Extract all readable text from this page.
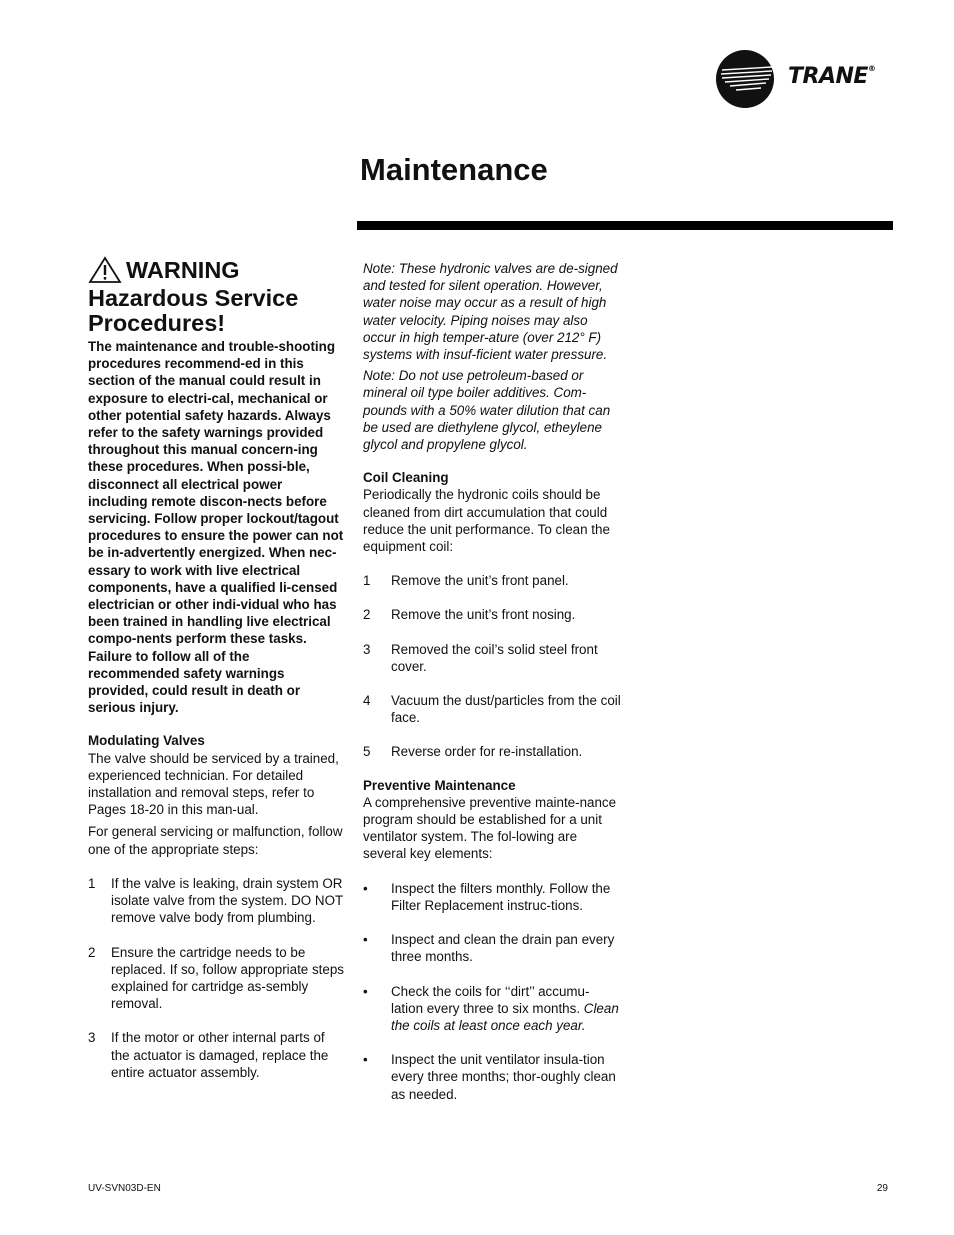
TRANE®
Maintenance
WARNING

Hazardous Service Procedures!

The maintenance and trouble-shooting procedures recommend-ed in this section of the manual could result in exposure to electri-cal, mechanical or other potential safety hazards. Always refer to the safety warnings provided throughout this manual concern-ing these procedures. When possi-ble, disconnect all electrical power including remote discon-nects before servicing. Follow proper lockout/tagout procedures to ensure the power can not be in-advertently energized. When nec-essary to work with live electrical components, have a qualified li-censed electrician or other indi-vidual who has been trained in handling live electrical compo-nents perform these tasks. Failure to follow all of the recommended safety warnings provided, could result in death or serious injury.

Modulating Valves

The valve should be serviced by a trained, experienced technician. For detailed installation and removal steps, refer to Pages 18-20 in this man-ual.

For general servicing or malfunction, follow one of the appropriate steps:

1 If the valve is leaking, drain system OR isolate valve from the system. DO NOT remove valve body from plumbing.
2 Ensure the cartridge needs to be replaced. If so, follow appropriate steps explained for cartridge as-sembly removal.
3 If the motor or other internal parts of the actuator is damaged, replace the entire actuator assembly.

Note: These hydronic valves are de-signed and tested for silent operation. However, water noise may occur as a result of high water velocity. Piping noises may also occur in high temper-ature (over 212° F) systems with insuf-ficient water pressure.

Note: Do not use petroleum-based or mineral oil type boiler additives. Com-pounds with a 50% water dilution that can be used are diethylene glycol, etheylene glycol and propylene glycol.

Coil Cleaning

Periodically the hydronic coils should be cleaned from dirt accumulation that could reduce the unit performance. To clean the equipment coil:

1 Remove the unit’s front panel.
2 Remove the unit’s front nosing.
3 Removed the coil’s solid steel front cover.
4 Vacuum the dust/particles from the coil face.
5 Reverse order for re-installation.

Preventive Maintenance

A comprehensive preventive mainte-nance program should be established for a unit ventilator system. The fol-lowing are several key elements:

• Inspect the filters monthly. Follow the Filter Replacement instruc-tions.
• Inspect and clean the drain pan every three months.
• Check the coils for ‘‘dirt’’ accumu-lation every three to six months. Clean the coils at least once each year.
• Inspect the unit ventilator insula-tion every three months; thor-oughly clean as needed.
UV-SVN03D-EN	29
